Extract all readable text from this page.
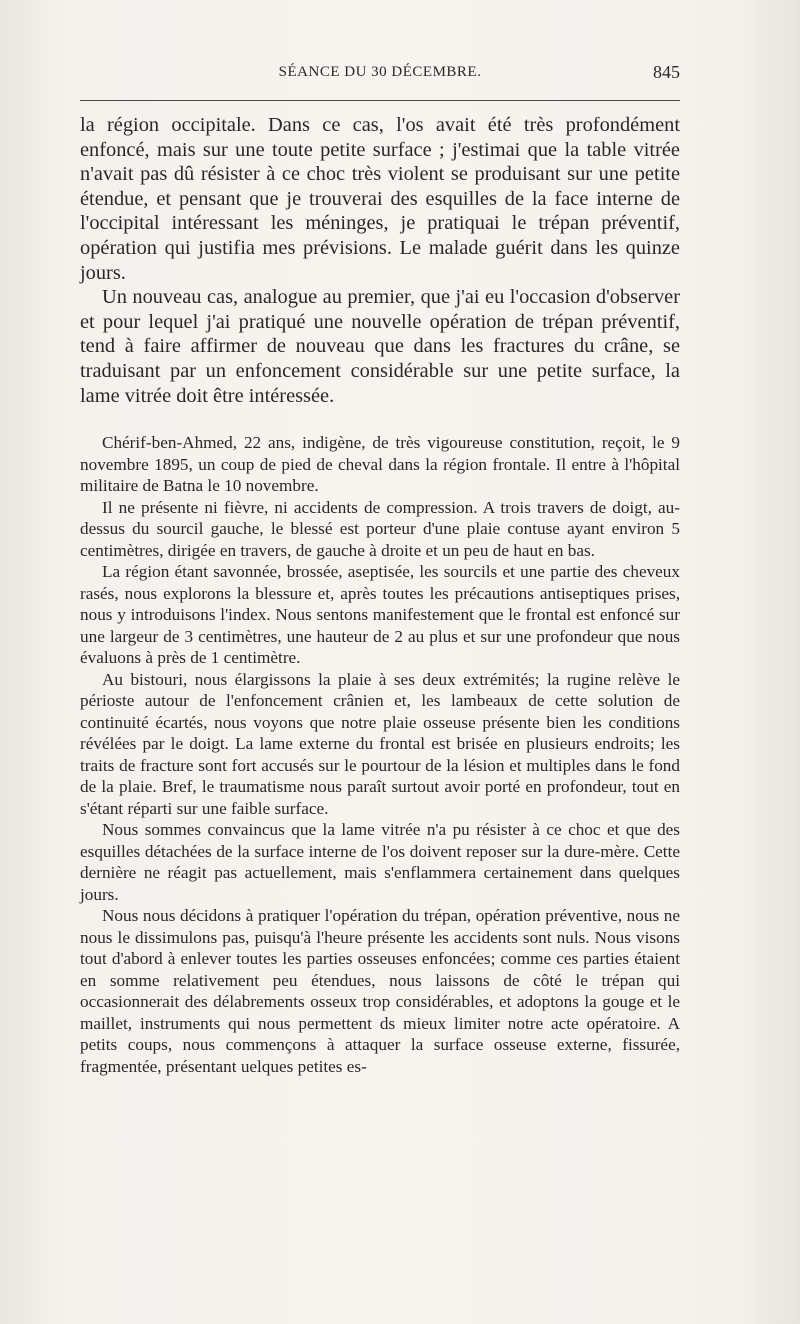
SÉANCE DU 30 DÉCEMBRE.	845

la région occipitale. Dans ce cas, l'os avait été très profondément enfoncé, mais sur une toute petite surface ; j'estimai que la table vitrée n'avait pas dû résister à ce choc très violent se produisant sur une petite étendue, et pensant que je trouverai des esquilles de la face interne de l'occipital intéressant les méninges, je pratiquai le trépan préventif, opération qui justifia mes prévisions. Le malade guérit dans les quinze jours.

Un nouveau cas, analogue au premier, que j'ai eu l'occasion d'observer et pour lequel j'ai pratiqué une nouvelle opération de trépan préventif, tend à faire affirmer de nouveau que dans les fractures du crâne, se traduisant par un enfoncement considérable sur une petite surface, la lame vitrée doit être intéressée.

Chérif-ben-Ahmed, 22 ans, indigène, de très vigoureuse constitution, reçoit, le 9 novembre 1895, un coup de pied de cheval dans la région frontale. Il entre à l'hôpital militaire de Batna le 10 novembre.

Il ne présente ni fièvre, ni accidents de compression. A trois travers de doigt, au-dessus du sourcil gauche, le blessé est porteur d'une plaie contuse ayant environ 5 centimètres, dirigée en travers, de gauche à droite et un peu de haut en bas.

La région étant savonnée, brossée, aseptisée, les sourcils et une partie des cheveux rasés, nous explorons la blessure et, après toutes les précautions antiseptiques prises, nous y introduisons l'index. Nous sentons manifestement que le frontal est enfoncé sur une largeur de 3 centimètres, une hauteur de 2 au plus et sur une profondeur que nous évaluons à près de 1 centimètre.

Au bistouri, nous élargissons la plaie à ses deux extrémités; la rugine relève le périoste autour de l'enfoncement crânien et, les lambeaux de cette solution de continuité écartés, nous voyons que notre plaie osseuse présente bien les conditions révélées par le doigt. La lame externe du frontal est brisée en plusieurs endroits; les traits de fracture sont fort accusés sur le pourtour de la lésion et multiples dans le fond de la plaie. Bref, le traumatisme nous paraît surtout avoir porté en profondeur, tout en s'étant réparti sur une faible surface.

Nous sommes convaincus que la lame vitrée n'a pu résister à ce choc et que des esquilles détachées de la surface interne de l'os doivent reposer sur la dure-mère. Cette dernière ne réagit pas actuellement, mais s'enflammera certainement dans quelques jours.

Nous nous décidons à pratiquer l'opération du trépan, opération préventive, nous ne nous le dissimulons pas, puisqu'à l'heure présente les accidents sont nuls. Nous visons tout d'abord à enlever toutes les parties osseuses enfoncées; comme ces parties étaient en somme relativement peu étendues, nous laissons de côté le trépan qui occasionnerait des délabrements osseux trop considérables, et adoptons la gouge et le maillet, instruments qui nous permettent ds mieux limiter notre acte opératoire. A petits coups, nous commençons à attaquer la surface osseuse externe, fissurée, fragmentée, présentant uelques petites es-
